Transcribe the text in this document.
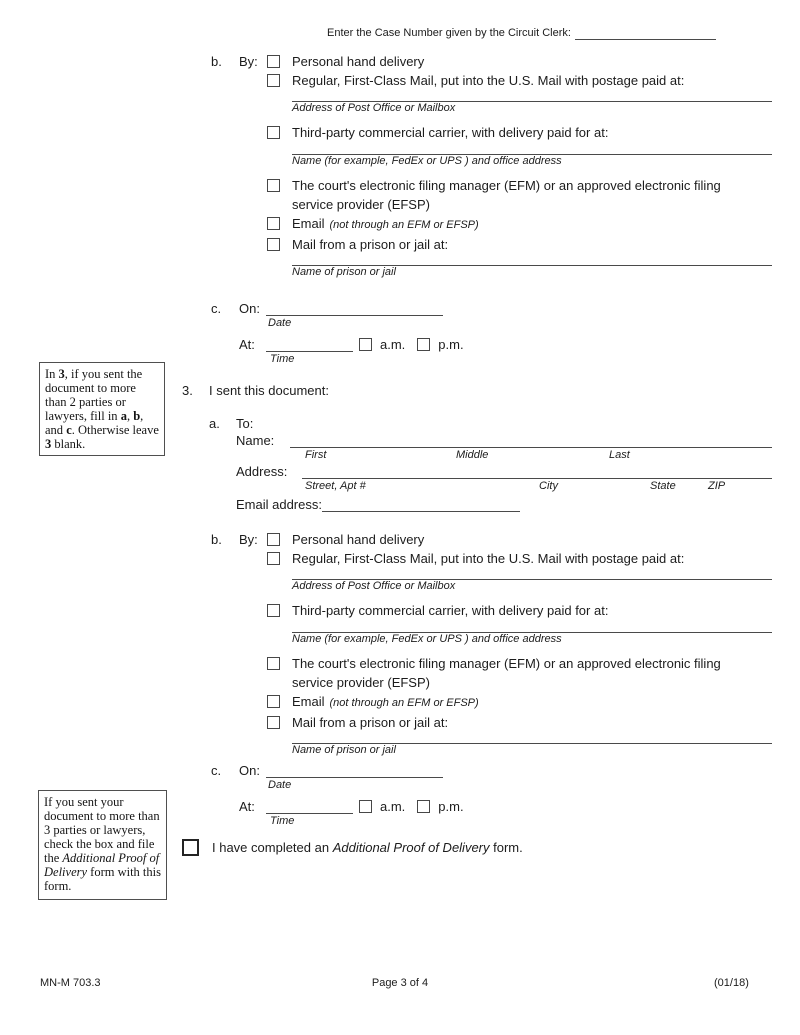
Enter the Case Number given by the Circuit Clerk:
b.	By:	Personal hand delivery
Regular, First-Class Mail, put into the U.S. Mail with postage paid at:
Address of Post Office or Mailbox
Third-party commercial carrier, with delivery paid for at:
Name (for example, FedEx or UPS ) and office address
The court's electronic filing manager (EFM) or an approved electronic filing
service provider (EFSP)
Email (not through an EFM or EFSP)
Mail from a prison or jail at:
Name of prison or jail
c.	On:
Date
At:	a.m.	p.m.
Time
In 3, if you sent the document to more than 2 parties or lawyers, fill in a, b, and c. Otherwise leave 3 blank.
3. I sent this document:
a. To:
Name:
First	Middle	Last
Address:
Street, Apt #	City	State	ZIP
Email address:
b.	By:	Personal hand delivery
Regular, First-Class Mail, put into the U.S. Mail with postage paid at:
Address of Post Office or Mailbox
Third-party commercial carrier, with delivery paid for at:
Name (for example, FedEx or UPS ) and office address
The court's electronic filing manager (EFM) or an approved electronic filing
service provider (EFSP)
Email (not through an EFM or EFSP)
Mail from a prison or jail at:
Name of prison or jail
c.	On:
Date
At:	a.m.	p.m.
Time
If you sent your document to more than 3 parties or lawyers, check the box and file the Additional Proof of Delivery form with this form.
I have completed an Additional Proof of Delivery form.
MN-M 703.3	Page 3 of 4	(01/18)
